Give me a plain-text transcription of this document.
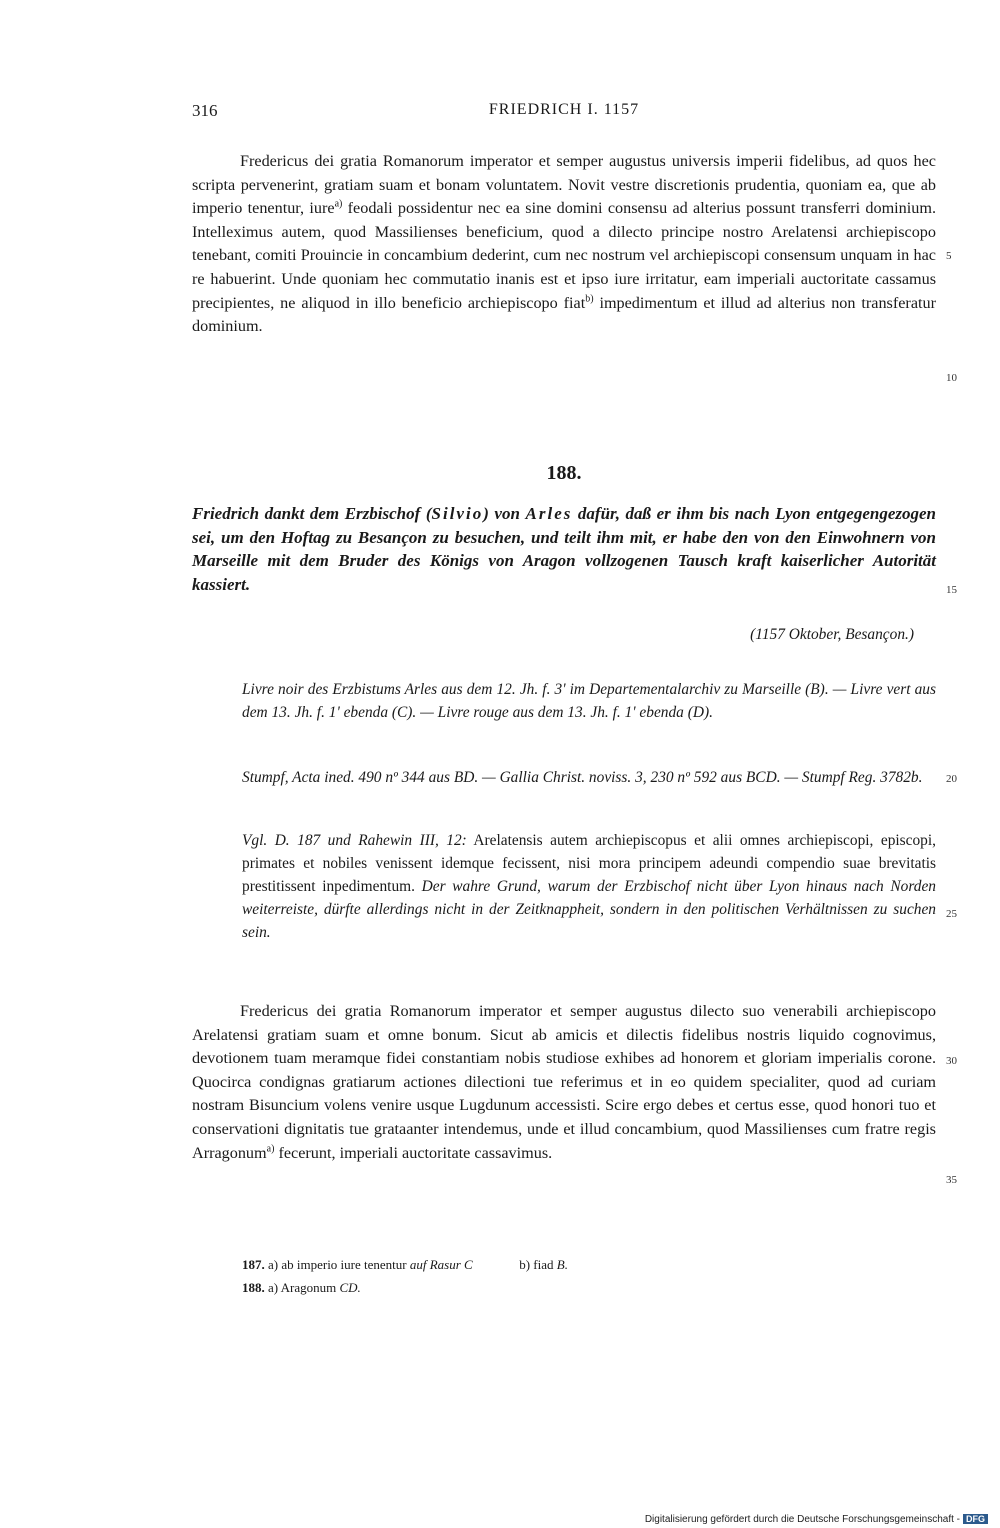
316	FRIEDRICH I. 1157
Fredericus dei gratia Romanorum imperator et semper augustus universis imperii fidelibus, ad quos hec scripta pervenerint, gratiam suam et bonam voluntatem. Novit vestre discretionis prudentia, quoniam ea, que ab imperio tenentur, iure$^{a)}$ feodali possidentur nec ea sine domini consensu ad alterius possunt transferri dominium. Intelleximus autem, quod Massilienses beneficium, quod a dilecto principe nostro Arelatensi archiepiscopo tenebant, comiti Prouincie in concambium dederint, cum nec nostrum vel archiepiscopi consensum unquam in hac re habuerint. Unde quoniam hec commutatio inanis est et ipso iure irritatur, eam imperiali auctoritate cassamus precipientes, ne aliquod in illo beneficio archiepiscopo fiat$^{b)}$ impedimentum et illud ad alterius non transferatur dominium.
5
10
188.
Friedrich dankt dem Erzbischof (Silvio) von Arles dafür, daß er ihm bis nach Lyon entgegengezogen sei, um den Hoftag zu Besançon zu besuchen, und teilt ihm mit, er habe den von den Einwohnern von Marseille mit dem Bruder des Königs von Aragon vollzogenen Tausch kraft kaiserlicher Autorität kassiert.	15
(1157 Oktober, Besançon.)
Livre noir des Erzbistums Arles aus dem 12. Jh. f. 3' im Departementalarchiv zu Marseille (B). — Livre vert aus dem 13. Jh. f. 1' ebenda (C). — Livre rouge aus dem 13. Jh. f. 1' ebenda (D).
Stumpf, Acta ined. 490 nº 344 aus BD. — Gallia Christ. noviss. 3, 230 nº 592 aus BCD. — Stumpf Reg. 3782b.	20
Vgl. D. 187 und Rahewin III, 12: Arelatensis autem archiepiscopus et alii omnes archiepiscopi, episcopi, primates et nobiles venissent idemque fecissent, nisi mora principem adeundi compendio suae brevitatis prestitissent inpedimentum. Der wahre Grund, warum der Erzbischof nicht über Lyon hinaus nach Norden weiterreiste, dürfte allerdings nicht in der Zeitknappheit, sondern in den politischen Verhältnissen zu suchen sein.
25
Fredericus dei gratia Romanorum imperator et semper augustus dilecto suo venerabili archiepiscopo Arelatensi gratiam suam et omne bonum. Sicut ab amicis et dilectis fidelibus nostris liquido cognovimus, devotionem tuam meramque fidei constantiam nobis studiose exhibes ad honorem et gloriam imperialis corone. Quocirca condignas gratiarum actiones dilectioni tue referimus et in eo quidem specialiter, quod ad curiam nostram Bisuncium volens venire usque Lugdunum accessisti. Scire ergo debes et certus esse, quod honori tuo et conservationi dignitatis tue grataanter intendemus, unde et illud concambium, quod Massilienses cum fratre regis Arragonum$^{a)}$ fecerunt, imperiali auctoritate cassavimus.
30
35
187. a) ab imperio iure tenentur auf Rasur C	b) fiad B.
188. a) Aragonum CD.
Digitalisierung gefördert durch die Deutsche Forschungsgemeinschaft - DFG
